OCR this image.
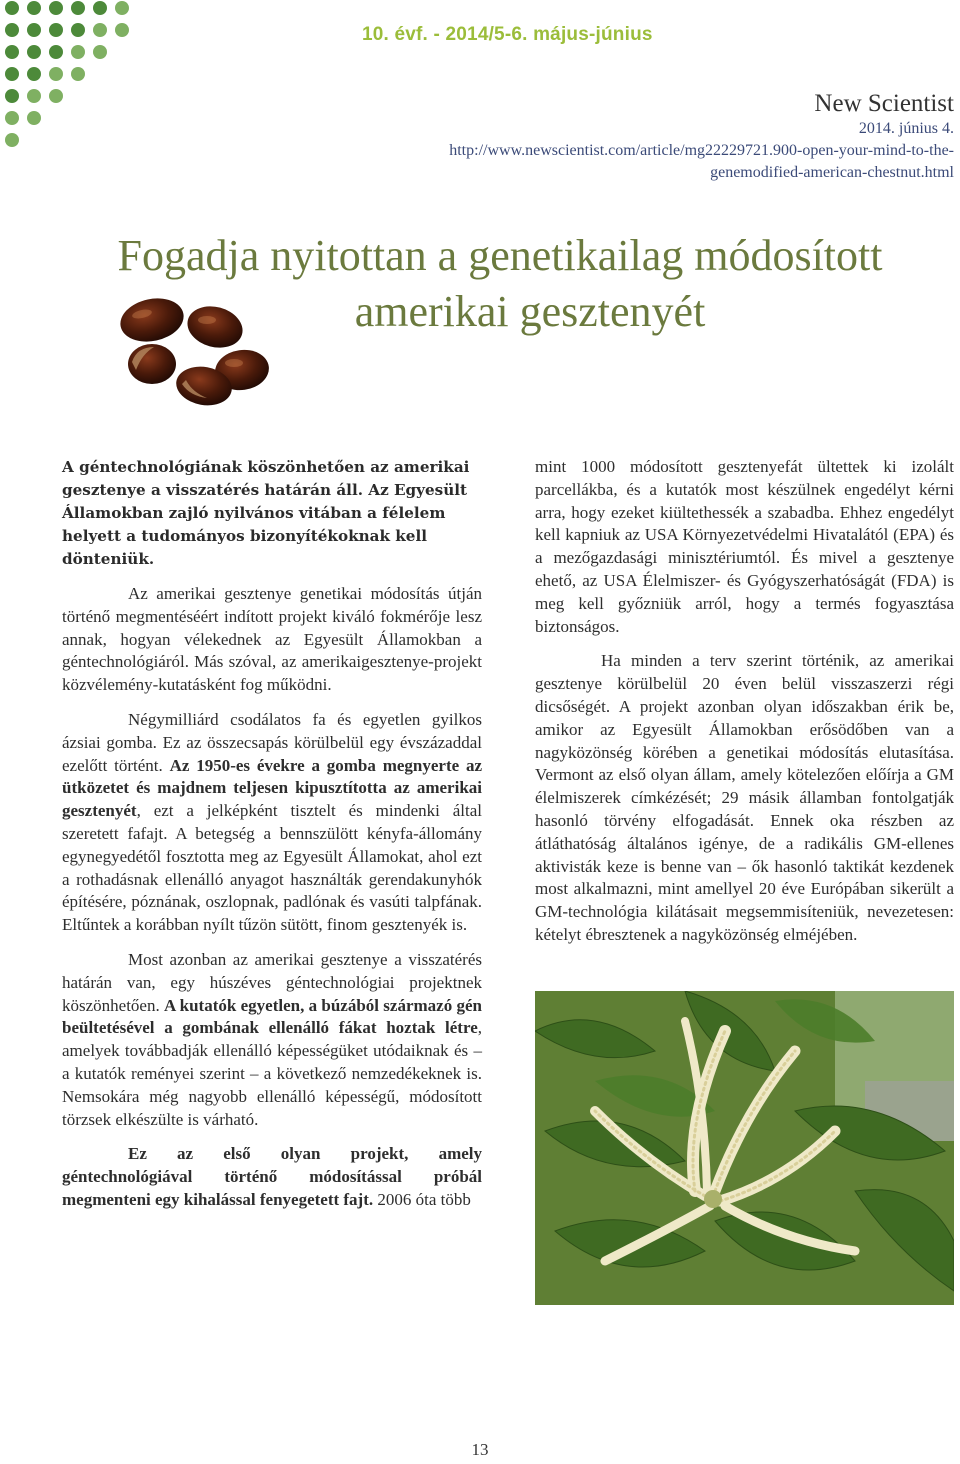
10. évf. - 2014/5-6. május-június
New Scientist
2014. június 4.
http://www.newscientist.com/article/mg22229721.900-open-your-mind-to-the-
genemodified-american-chestnut.html
Fogadja nyitottan a genetikailag módosított
amerikai gesztenyét

A géntechnológiának köszönhetően az amerikai gesztenye a visszatérés határán áll. Az Egyesült Államokban zajló nyilvános vitában a félelem helyett a tudományos bizonyítékoknak kell dönteniük.

Az amerikai gesztenye genetikai módosítás útján történő megmentéséért indított projekt kiváló fokmérője lesz annak, hogyan vélekednek az Egyesült Államokban a géntechnológiáról. Más szóval, az amerikaigesztenye-projekt közvélemény-kutatásként fog működni.

Négymilliárd csodálatos fa és egyetlen gyilkos ázsiai gomba. Ez az összecsapás körülbelül egy évszázaddal ezelőtt történt. Az 1950-es évekre a gomba megnyerte az ütközetet és majdnem teljesen kipusztította az amerikai gesztenyét, ezt a jelképként tisztelt és mindenki által szeretett fafajt. A betegség a bennszülött kényfa-állomány egynegyedétől fosztotta meg az Egyesült Államokat, ahol ezt a rothadásnak ellenálló anyagot használták gerendakunyhók építésére, póznának, oszlopnak, padlónak és vasúti talpfának. Eltűntek a korábban nyílt tűzön sütött, finom gesztenyék is.

Most azonban az amerikai gesztenye a visszatérés határán van, egy húszéves géntechnológiai projektnek köszönhetően. A kutatók egyetlen, a búzából származó gén beültetésével a gombának ellenálló fákat hoztak létre, amelyek továbbadják ellenálló képességüket utódaiknak és – a kutatók reményei szerint – a következő nemzedékeknek is. Nemsokára még nagyobb ellenálló képességű, módosított törzsek elkészülte is várható.

Ez az első olyan projekt, amely géntechnológiával történő módosítással próbál megmenteni egy kihalással fenyegetett fajt. 2006 óta több

mint 1000 módosított gesztenyefát ültettek ki izolált parcellákba, és a kutatók most készülnek engedélyt kérni arra, hogy ezeket kiültethessék a szabadba. Ehhez engedélyt kell kapniuk az USA Környezetvédelmi Hivatalától (EPA) és a mezőgazdasági minisztériumtól. És mivel a gesztenye ehető, az USA Élelmiszer- és Gyógyszerhatóságát (FDA) is meg kell győzniük arról, hogy a termés fogyasztása biztonságos.

Ha minden a terv szerint történik, az amerikai gesztenye körülbelül 20 éven belül visszaszerzi régi dicsőségét. A projekt azonban olyan időszakban érik be, amikor az Egyesült Államokban erősödőben van a nagyközönség körében a genetikai módosítás elutasítása. Vermont az első olyan állam, amely kötelezően előírja a GM élelmiszerek címkézését; 29 másik államban fontolgatják hasonló törvény elfogadását. Ennek oka részben az átláthatóság általános igénye, de a radikális GM-ellenes aktivisták keze is benne van – ők hasonló taktikát kezdenek most alkalmazni, mint amellyel 20 éve Európában sikerült a GM-technológia kilátásait megsemmisíteniük, nevezetesen: kételyt ébresztenek a nagyközönség elméjében.

13
